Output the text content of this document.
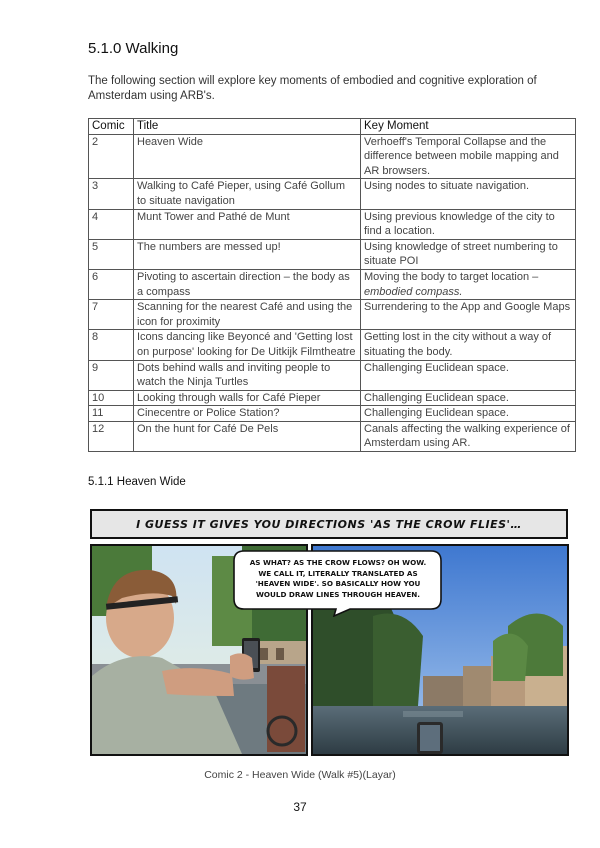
5.1.0 Walking

The following section will explore key moments of embodied and cognitive exploration of Amsterdam using ARB's.

Comic	Title	Key Moment
2	Heaven Wide	Verhoeff's Temporal Collapse and the difference between mobile mapping and AR browsers.
3	Walking to Café Pieper, using Café Gollum to situate navigation	Using nodes to situate navigation.
4	Munt Tower and Pathé de Munt	Using previous knowledge of the city to find a location.
5	The numbers are messed up!	Using knowledge of street numbering to situate POI
6	Pivoting to ascertain direction – the body as a compass	Moving the body to target location –
embodied compass.
7	Scanning for the nearest Café and using the icon for proximity	Surrendering to the App and Google Maps
8	Icons dancing like Beyoncé and 'Getting lost on purpose' looking for De Uitkijk Filmtheatre	Getting lost in the city without a way of situating the body.
9	Dots behind walls and inviting people to watch the Ninja Turtles	Challenging Euclidean space.
10	Looking through walls for Café Pieper	Challenging Euclidean space.
11	Cinecentre or Police Station?	Challenging Euclidean space.
12	On the hunt for Café De Pels	Canals affecting the walking experience of Amsterdam using AR.
5.1.1 Heaven Wide
I GUESS IT GIVES YOU DIRECTIONS 'AS THE CROW FLIES'…
AS WHAT? AS THE CROW FLOWS? OH WOW. WE CALL IT, LITERALLY TRANSLATED AS 'HEAVEN WIDE'. SO BASICALLY HOW YOU WOULD DRAW LINES THROUGH HEAVEN.
Comic 2 - Heaven Wide (Walk #5)(Layar)
37
